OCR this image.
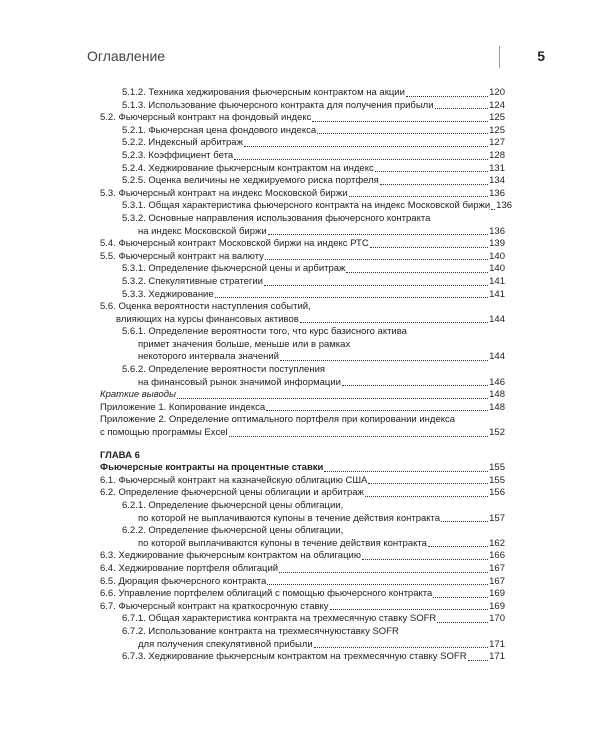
Оглавление	5
5.1.2. Техника хеджирования фьючерсным контрактом на акции	120
5.1.3. Использование фьючерсного контракта для получения прибыли	124
5.2. Фьючерсный контракт на фондовый индекс	125
5.2.1. Фьючерсная цена фондового индекса	125
5.2.2. Индексный арбитраж	127
5.2.3. Коэффициент бета	128
5.2.4. Хеджирование фьючерсным контрактом на индекс	131
5.2.5. Оценка величины не хеджируемого риска портфеля	134
5.3. Фьючерсный контракт на индекс Московской биржи	136
5.3.1. Общая характеристика фьючерсного контракта на индекс Московской биржи 136
5.3.2. Основные направления использования фьючерсного контракта
на индекс Московской биржи	136
5.4. Фьючерсный контракт Московской биржи на индекс РТС	139
5.5. Фьючерсный контракт на валюту	140
5.3.1. Определение фьючерсной цены и арбитраж	140
5.3.2. Спекулятивные стратегии	141
5.3.3. Хеджирование	141
5.6. Оценка вероятности наступления событий,
влияющих на курсы финансовых активов	144
5.6.1. Определение вероятности того, что курс базисного актива
примет значения больше, меньше или в рамках
некоторого интервала значений	144
5.6.2. Определение вероятности поступления
на финансовый рынок значимой информации	146
Краткие выводы	148
Приложение 1. Копирование индекса	148
Приложение 2. Определение оптимального портфеля при копировании индекса
с помощью программы Excel	152
ГЛАВА 6
Фьючерсные контракты на процентные ставки	155
6.1. Фьючерсный контракт на казначейскую облигацию США	155
6.2. Определение фьючерсной цены облигации и арбитраж	156
6.2.1. Определение фьючерсной цены облигации,
по которой не выплачиваются купоны в течение действия контракта	157
6.2.2. Определение фьючерсной цены облигации,
по которой выплачиваются купоны в течение действия контракта	162
6.3. Хеджирование фьючерсным контрактом на облигацию	166
6.4. Хеджирование портфеля облигаций	167
6.5. Дюрация фьючерсного контракта	167
6.6. Управление портфелем облигаций с помощью фьючерсного контракта	169
6.7. Фьючерсный контракт на краткосрочную ставку	169
6.7.1. Общая характеристика контракта на трехмесячную ставку SOFR	170
6.7.2. Использование контракта на трехмесячнуюставку SOFR
для получения спекулятивной прибыли	171
6.7.3. Хеджирование фьючерсным контрактом на трехмесячную ставку SOFR 171
